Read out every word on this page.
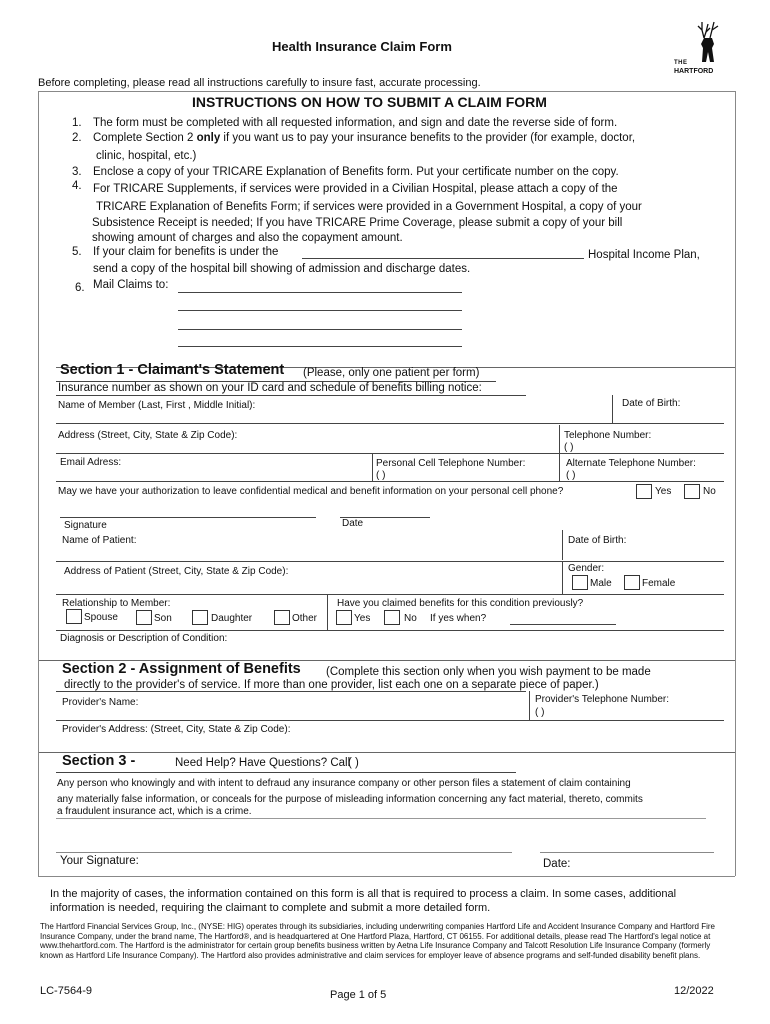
Health Insurance Claim Form
Before completing, please read all instructions carefully to insure fast, accurate processing.
THE
HARTFORD
INSTRUCTIONS ON HOW TO SUBMIT A CLAIM FORM
1. The form must be completed with all requested information, and sign and date the reverse side of form.
2. Complete Section 2 only if you want us to pay your insurance benefits to the provider (for example, doctor,
clinic, hospital, etc.)
3. Enclose a copy of your TRICARE Explanation of Benefits form. Put your certificate number on the copy.
4. For TRICARE Supplements, if services were provided in a Civilian Hospital, please attach a copy of the
TRICARE Explanation of Benefits Form; if services were provided in a Government Hospital, a copy of your
Subsistence Receipt is needed; If you have TRICARE Prime Coverage, please submit a copy of your bill
showing amount of charges and also the copayment amount.
5. If your claim for benefits is under the	Hospital Income Plan,
send a copy of the hospital bill showing of admission and discharge dates.
6. Mail Claims to:
Section 1 - Claimant's Statement (Please, only one patient per form)
Insurance number as shown on your ID card and schedule of benefits billing notice:
Name of Member (Last, First , Middle Initial):	Date of Birth:
Address (Street, City, State & Zip Code):	Telephone Number:
( )
Email Adress:	Personal Cell Telephone Number:
( )
Alternate Telephone Number:
( )
May we have your authorization to leave confidential medical and benefit information on your personal cell phone?	Yes	No
Signature	Date
Name of Patient:	Date of Birth:
Address of Patient (Street, City, State & Zip Code):	Gender:
Male	Female
Relationship to Member:
Spouse	Son	Daughter	Other
Have you claimed benefits for this condition previously?
Yes	No If yes when?
Diagnosis or Description of Condition:
Section 2 - Assignment of Benefits (Complete this section only when you wish payment to be made
directly to the provider's of service. If more than one provider, list each one on a separate piece of paper.)
Provider's Name:	Provider's Telephone Number:
( )
Provider's Address: (Street, City, State & Zip Code):
Section 3 -	Need Help? Have Questions? Call
( )
Any person who knowingly and with intent to defraud any insurance company or other person files a statement of claim containing
any materially false information, or conceals for the purpose of misleading information concerning any fact material, thereto, commits
a fraudulent insurance act, which is a crime.
Your Signature:	Date:
In the majority of cases, the information contained on this form is all that is required to process a claim. In some cases, additional
information is needed, requiring the claimant to complete and submit a more detailed form.
The Hartford Financial Services Group, Inc., (NYSE: HIG) operates through its subsidiaries, including underwriting companies Hartford Life and Accident Insurance Company and Hartford Fire Insurance Company, under the brand name, The Hartford®, and is headquartered at One Hartford Plaza, Hartford, CT 06155. For additional details, please read The Hartford's legal notice at www.thehartford.com. The Hartford is the administrator for certain group benefits business written by Aetna Life Insurance Company and Talcott Resolution Life Insurance Company (formerly known as Hartford Life Insurance Company). The Hartford also provides administrative and claim services for employer leave of absence programs and self-funded disability benefit plans.
LC-7564-9	Page 1 of 5	12/2022
